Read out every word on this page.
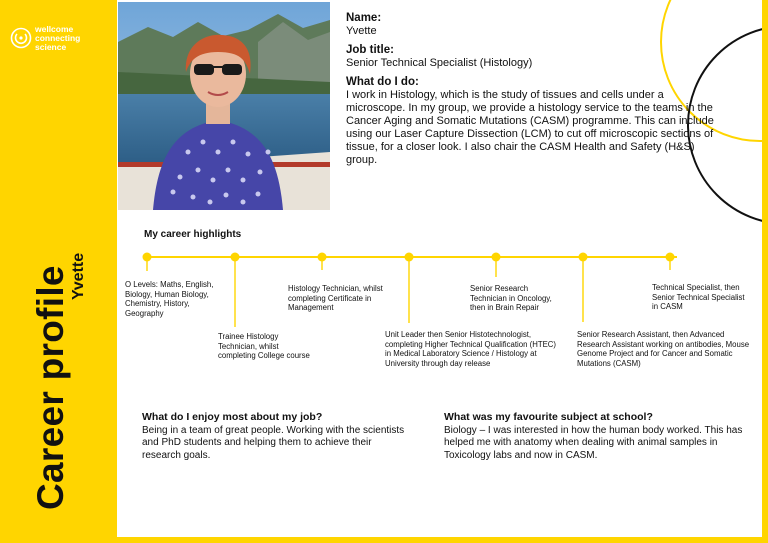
wellcome
connecting
science
Career profile Yvette

Name:
Yvette

Job title:
Senior Technical Specialist (Histology)

What do I do:
I work in Histology, which is the study of tissues and cells under a microscope. In my group, we provide a histology service to the teams in the Cancer Aging and Somatic Mutations (CASM) programme. This can include using our Laser Capture Dissection (LCM) to cut off microscopic sections of tissue, for a closer look. I also chair the CASM Health and Safety (H&S) group.

My career highlights
O Levels: Maths, English, Biology, Human Biology, Chemistry, History, Geography
Trainee Histology Technician, whilst completing College course
Histology Technician, whilst completing Certificate in Management
Unit Leader then Senior Histotechnologist, completing Higher Technical Qualification (HTEC) in Medical Laboratory Science / Histology at University through day release
Senior Research Technician in Oncology, then in Brain Repair
Senior Research Assistant, then Advanced Research Assistant working on antibodies, Mouse Genome Project and for Cancer and Somatic Mutations (CASM)
Technical Specialist, then Senior Technical Specialist in CASM
What do I enjoy most about my job?
Being in a team of great people. Working with the scientists and PhD students and helping them to achieve their research goals.
What was my favourite subject at school?
Biology – I was interested in how the human body worked. This has helped me with anatomy when dealing with animal samples in Toxicology labs and now in CASM.
